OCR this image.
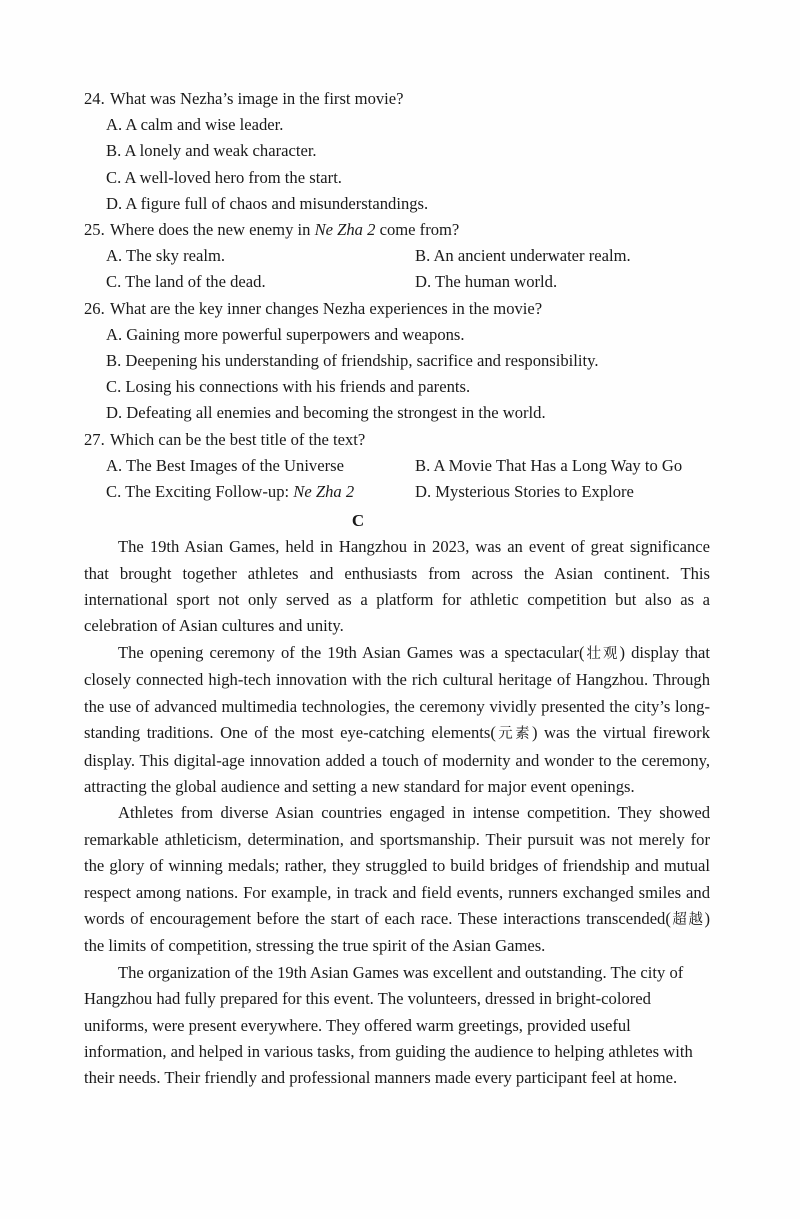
24. What was Nezha’s image in the first movie?
A. A calm and wise leader.
B. A lonely and weak character.
C. A well-loved hero from the start.
D. A figure full of chaos and misunderstandings.
25. Where does the new enemy in Ne Zha 2 come from?
A. The sky realm.	B. An ancient underwater realm.
C. The land of the dead.	D. The human world.
26. What are the key inner changes Nezha experiences in the movie?
A. Gaining more powerful superpowers and weapons.
B. Deepening his understanding of friendship, sacrifice and responsibility.
C. Losing his connections with his friends and parents.
D. Defeating all enemies and becoming the strongest in the world.
27. Which can be the best title of the text?
A. The Best Images of the Universe	B. A Movie That Has a Long Way to Go
C. The Exciting Follow-up: Ne Zha 2	D. Mysterious Stories to Explore
C

The 19th Asian Games, held in Hangzhou in 2023, was an event of great significance that brought together athletes and enthusiasts from across the Asian continent. This international sport not only served as a platform for athletic competition but also as a celebration of Asian cultures and unity.

The opening ceremony of the 19th Asian Games was a spectacular(壮观) display that closely connected high-tech innovation with the rich cultural heritage of Hangzhou. Through the use of advanced multimedia technologies, the ceremony vividly presented the city’s long-standing traditions. One of the most eye-catching elements(元素) was the virtual firework display. This digital-age innovation added a touch of modernity and wonder to the ceremony, attracting the global audience and setting a new standard for major event openings.

Athletes from diverse Asian countries engaged in intense competition. They showed remarkable athleticism, determination, and sportsmanship. Their pursuit was not merely for the glory of winning medals; rather, they struggled to build bridges of friendship and mutual respect among nations. For example, in track and field events, runners exchanged smiles and words of encouragement before the start of each race. These interactions transcended(超越) the limits of competition, stressing the true spirit of the Asian Games.

The organization of the 19th Asian Games was excellent and outstanding. The city of Hangzhou had fully prepared for this event. The volunteers, dressed in bright-colored uniforms, were present everywhere. They offered warm greetings, provided useful information, and helped in various tasks, from guiding the audience to helping athletes with their needs. Their friendly and professional manners made every participant feel at home.
